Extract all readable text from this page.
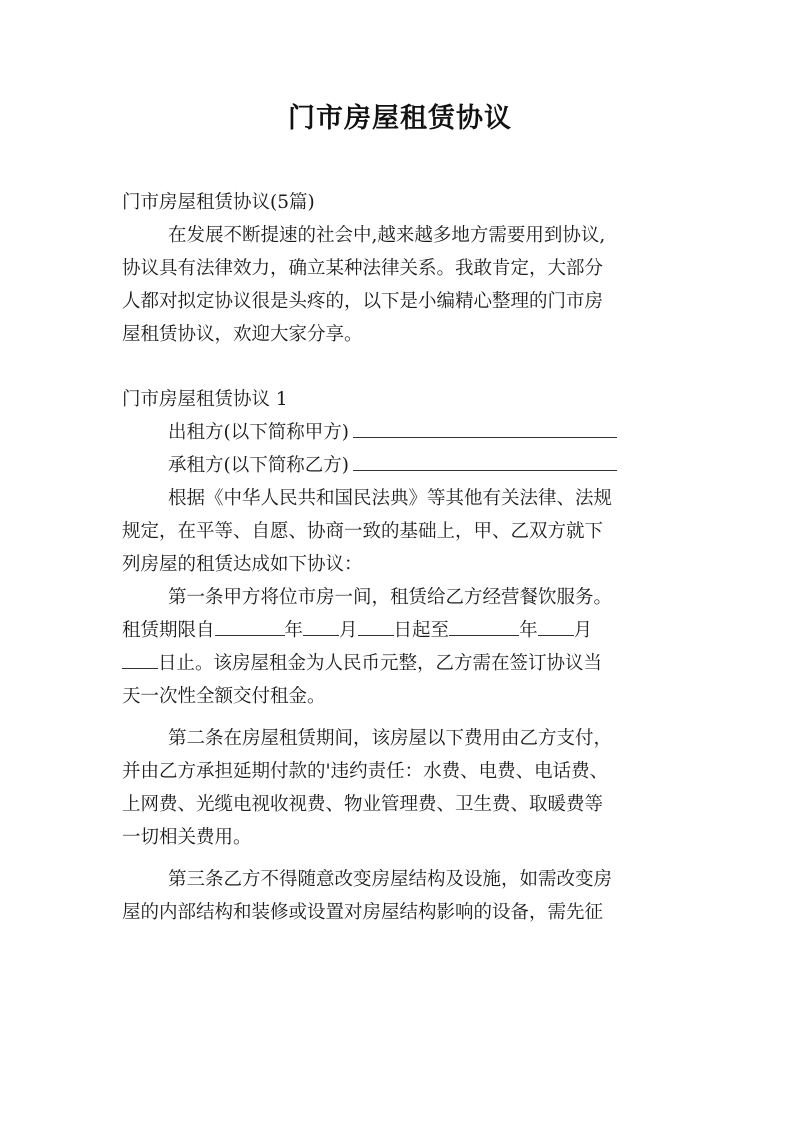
门市房屋租赁协议
门市房屋租赁协议(5篇)
在发展不断提速的社会中,越来越多地方需要用到协议,
协议具有法律效力，确立某种法律关系。我敢肯定，大部分
人都对拟定协议很是头疼的，以下是小编精心整理的门市房
屋租赁协议，欢迎大家分享。
门市房屋租赁协议 1
出租方(以下简称甲方)
承租方(以下简称乙方)
根据《中华人民共和国民法典》等其他有关法律、法规
规定，在平等、自愿、协商一致的基础上，甲、乙双方就下
列房屋的租赁达成如下协议：
第一条甲方将位市房一间，租赁给乙方经营餐饮服务。
租赁期限自	年 月 日起至	年 月
日止。该房屋租金为人民币元整，乙方需在签订协议当
天一次性全额交付租金。
第二条在房屋租赁期间，该房屋以下费用由乙方支付，
并由乙方承担延期付款的'违约责任：水费、电费、电话费、
上网费、光缆电视收视费、物业管理费、卫生费、取暖费等
一切相关费用。
第三条乙方不得随意改变房屋结构及设施，如需改变房
屋的内部结构和装修或设置对房屋结构影响的设备，需先征
